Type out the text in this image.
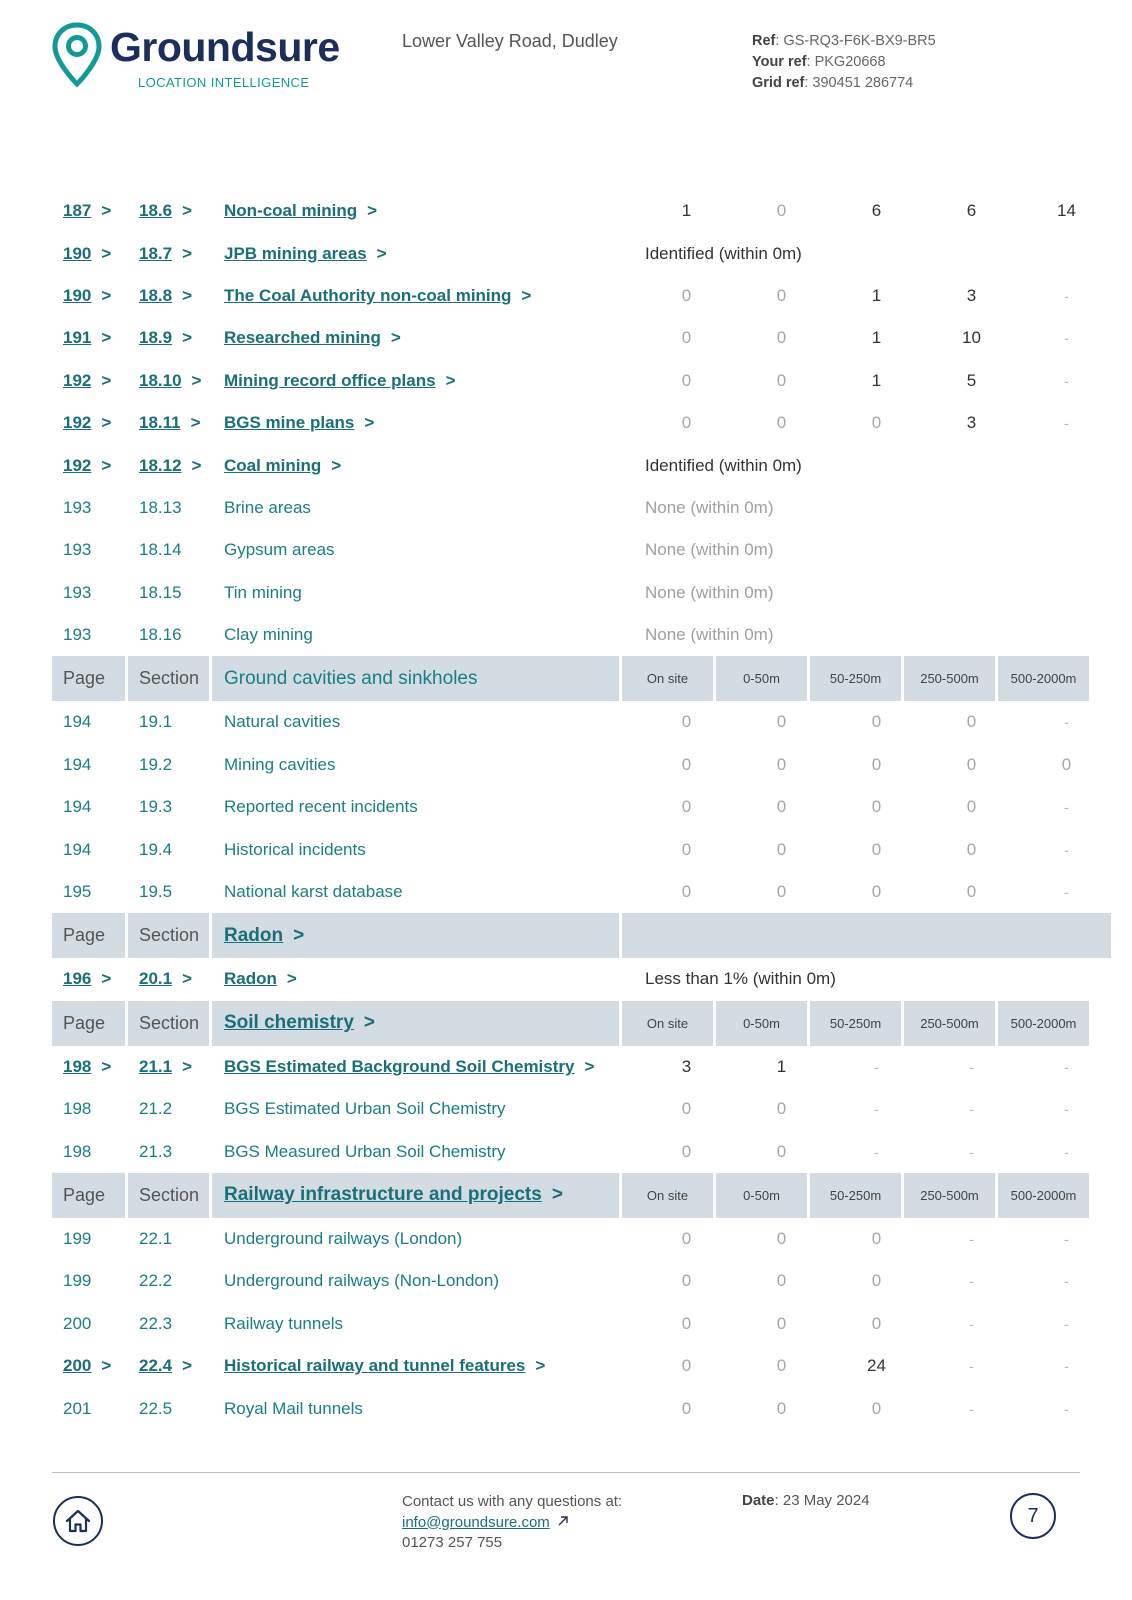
Groundsure
LOCATION INTELLIGENCE
Lower Valley Road, Dudley	Ref: GS-RQ3-F6K-BX9-BR5
Your ref: PKG20668
Grid ref: 390451 286774
187 > 18.6 > Non-coal mining >	1	0	6	6	14
190 > 18.7 > JPB mining areas >	Identified (within 0m)
190 > 18.8 > The Coal Authority non-coal mining >	0	0	1	3	-
191 > 18.9 > Researched mining >	0	0	1	10	-
192 > 18.10 > Mining record office plans >	0	0	1	5	-
192 > 18.11 > BGS mine plans >	0	0	0	3	-
192 > 18.12 > Coal mining >	Identified (within 0m)
193	18.13 Brine areas	None (within 0m)
193	18.14 Gypsum areas	None (within 0m)
193	18.15 Tin mining	None (within 0m)
193	18.16 Clay mining	None (within 0m)
Page	Section	Ground cavities and sinkholes	On site	0-50m	50-250m	250-500m	500-2000m
194	19.1	Natural cavities	0	0	0	0	-
194	19.2	Mining cavities	0	0	0	0	0
194	19.3	Reported recent incidents	0	0	0	0	-
194	19.4	Historical incidents	0	0	0	0	-
195	19.5	National karst database	0	0	0	0	-
Page	Section	Radon >
196 > 20.1 > Radon >	Less than 1% (within 0m)
Page	Section	Soil chemistry >	On site	0-50m	50-250m	250-500m	500-2000m
198 > 21.1 > BGS Estimated Background Soil Chemistry >	3	1	-	-	-
198	21.2	BGS Estimated Urban Soil Chemistry	0	0	-	-	-
198	21.3	BGS Measured Urban Soil Chemistry	0	0	-	-	-
Page	Section	Railway infrastructure and projects >	On site	0-50m	50-250m	250-500m	500-2000m
199	22.1	Underground railways (London)	0	0	0	-	-
199	22.2	Underground railways (Non-London)	0	0	0	-	-
200	22.3	Railway tunnels	0	0	0	-	-
200 > 22.4 > Historical railway and tunnel features >	0	0	24	-	-
201	22.5	Royal Mail tunnels	0	0	0	-	-
Contact us with any questions at:
info@groundsure.com
01273 257 755
Date: 23 May 2024
7
